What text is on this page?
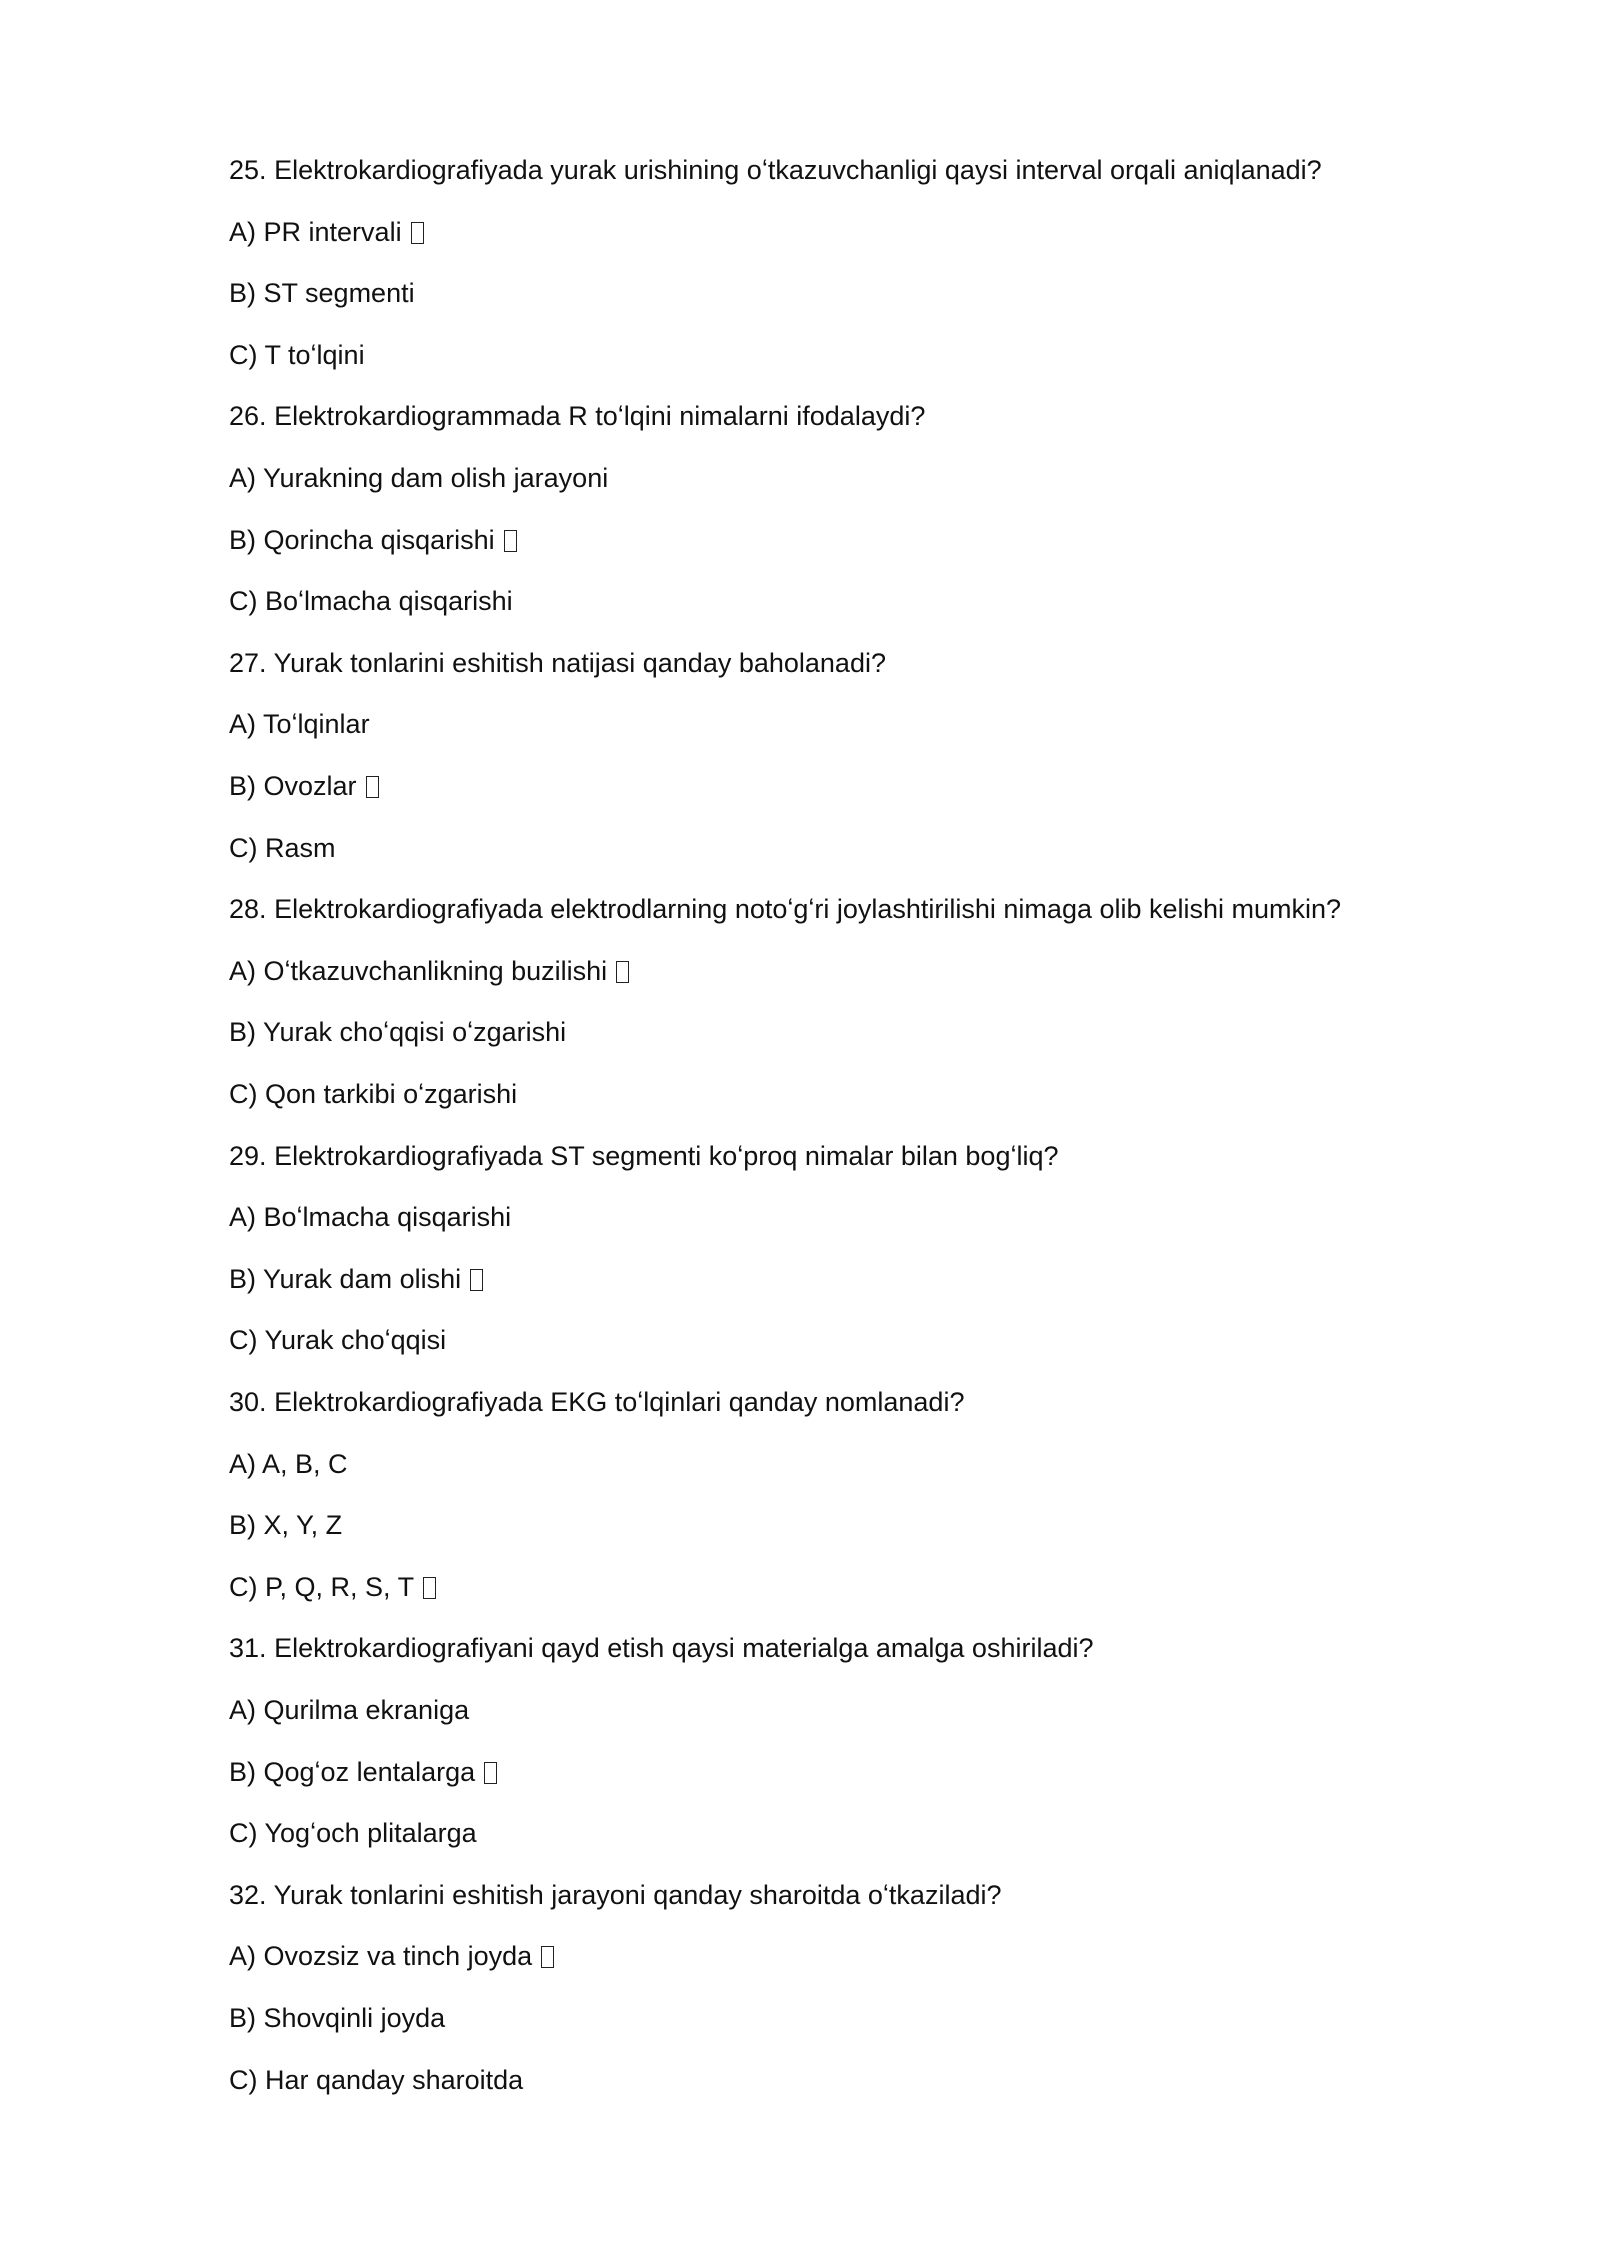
25. Elektrokardiografiyada yurak urishining oʻtkazuvchanligi qaysi interval orqali aniqlanadi?
A) PR intervali
B) ST segmenti
C) T toʻlqini
26. Elektrokardiogrammada R toʻlqini nimalarni ifodalaydi?
A) Yurakning dam olish jarayoni
B) Qorincha qisqarishi
C) Boʻlmacha qisqarishi
27. Yurak tonlarini eshitish natijasi qanday baholanadi?
A) Toʻlqinlar
B) Ovozlar
C) Rasm
28. Elektrokardiografiyada elektrodlarning notoʻgʻri joylashtirilishi nimaga olib kelishi mumkin?
A) Oʻtkazuvchanlikning buzilishi
B) Yurak choʻqqisi oʻzgarishi
C) Qon tarkibi oʻzgarishi
29. Elektrokardiografiyada ST segmenti koʻproq nimalar bilan bogʻliq?
A) Boʻlmacha qisqarishi
B) Yurak dam olishi
C) Yurak choʻqqisi
30. Elektrokardiografiyada EKG toʻlqinlari qanday nomlanadi?
A) A, B, C
B) X, Y, Z
C) P, Q, R, S, T
31. Elektrokardiografiyani qayd etish qaysi materialga amalga oshiriladi?
A) Qurilma ekraniga
B) Qogʻoz lentalarga
C) Yogʻoch plitalarga
32. Yurak tonlarini eshitish jarayoni qanday sharoitda oʻtkaziladi?
A) Ovozsiz va tinch joyda
B) Shovqinli joyda
C) Har qanday sharoitda
